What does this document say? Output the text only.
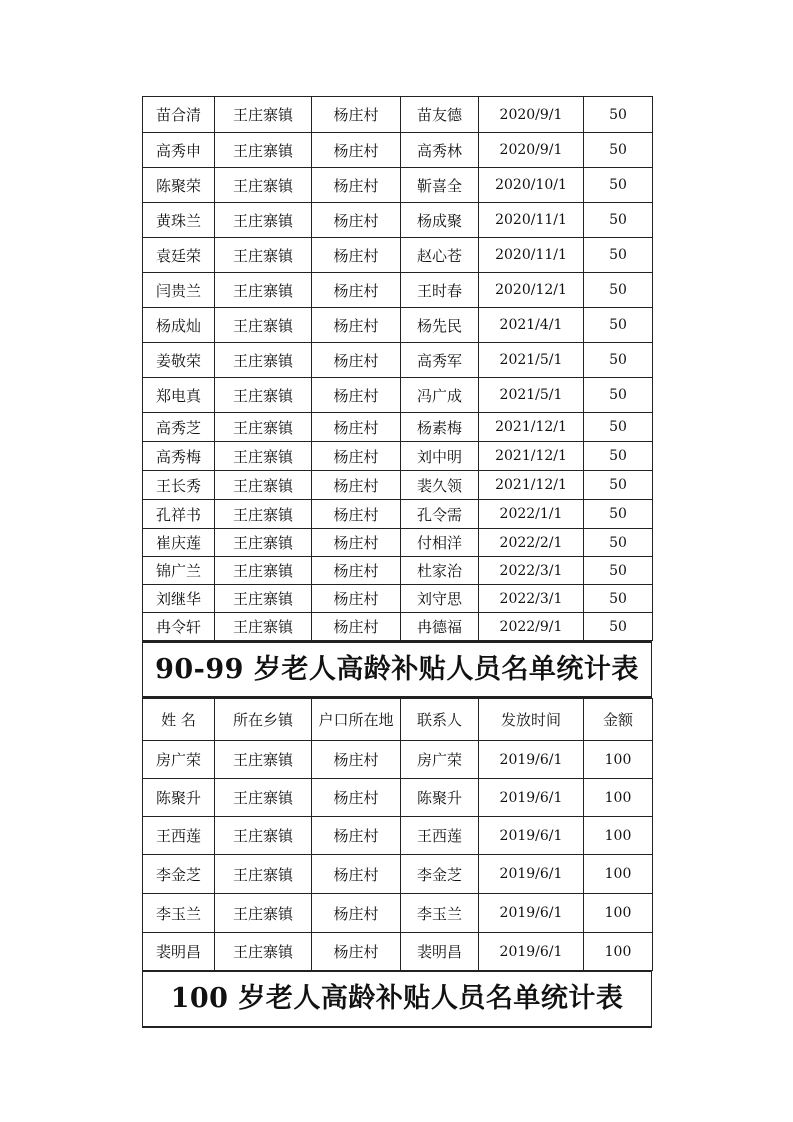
苗合清	王庄寨镇	杨庄村	苗友德	2020/9/1	50
高秀申	王庄寨镇	杨庄村	高秀林	2020/9/1	50
陈聚荣	王庄寨镇	杨庄村	靳喜全	2020/10/1	50
黄珠兰	王庄寨镇	杨庄村	杨成聚	2020/11/1	50
袁廷荣	王庄寨镇	杨庄村	赵心苍	2020/11/1	50
闫贵兰	王庄寨镇	杨庄村	王时春	2020/12/1	50
杨成灿	王庄寨镇	杨庄村	杨先民	2021/4/1	50
姜敬荣	王庄寨镇	杨庄村	高秀军	2021/5/1	50
郑电真	王庄寨镇	杨庄村	冯广成	2021/5/1	50
高秀芝	王庄寨镇	杨庄村	杨素梅	2021/12/1	50
高秀梅	王庄寨镇	杨庄村	刘中明	2021/12/1	50
王长秀	王庄寨镇	杨庄村	裴久领	2021/12/1	50
孔祥书	王庄寨镇	杨庄村	孔令需	2022/1/1	50
崔庆莲	王庄寨镇	杨庄村	付相洋	2022/2/1	50
锦广兰	王庄寨镇	杨庄村	杜家治	2022/3/1	50
刘继华	王庄寨镇	杨庄村	刘守思	2022/3/1	50
冉令轩	王庄寨镇	杨庄村	冉德福	2022/9/1	50
90-99 岁老人高龄补贴人员名单统计表
姓 名	所在乡镇	户口所在地	联系人	发放时间	金额
房广荣	王庄寨镇	杨庄村	房广荣	2019/6/1	100
陈聚升	王庄寨镇	杨庄村	陈聚升	2019/6/1	100
王西莲	王庄寨镇	杨庄村	王西莲	2019/6/1	100
李金芝	王庄寨镇	杨庄村	李金芝	2019/6/1	100
李玉兰	王庄寨镇	杨庄村	李玉兰	2019/6/1	100
裴明昌	王庄寨镇	杨庄村	裴明昌	2019/6/1	100
100 岁老人高龄补贴人员名单统计表
